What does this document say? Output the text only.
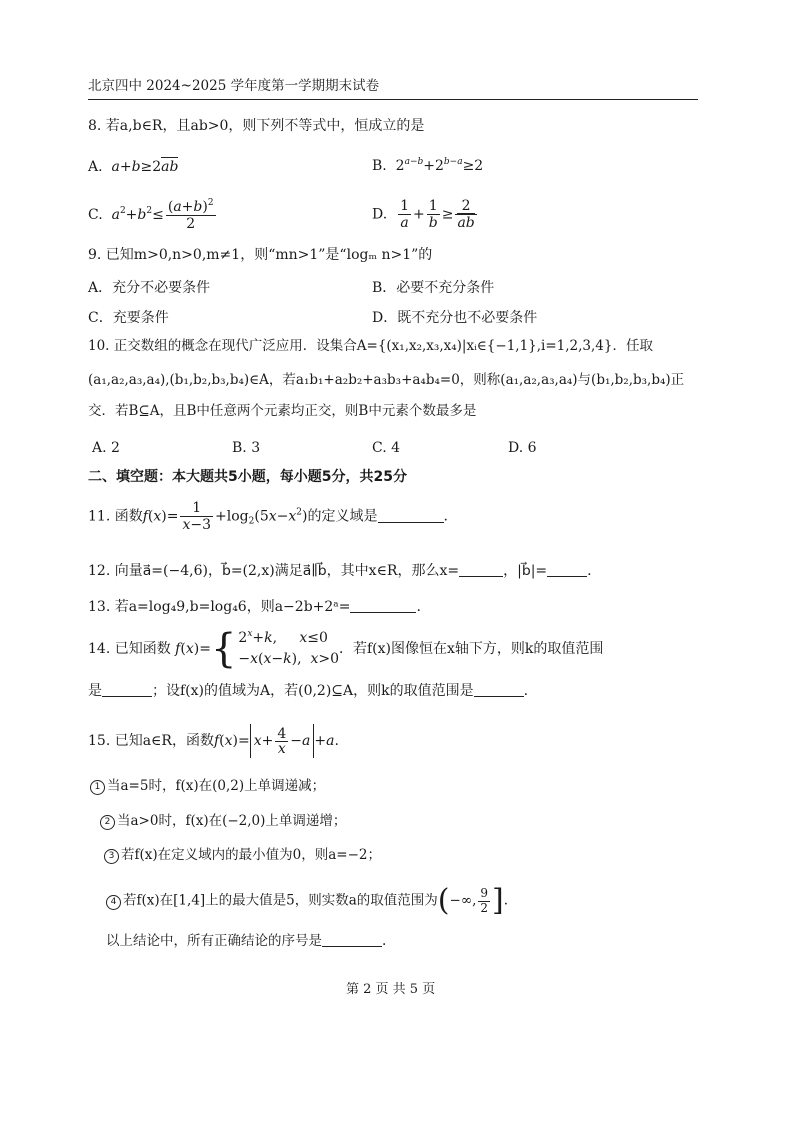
北京四中 2024~2025 学年度第一学期期末试卷
8. 若a,b∈R，且ab>0，则下列不等式中，恒成立的是
A. a+b≥2ab	B.  $2^{a-b}+2^{b-a}\ge 2$
C. $a^2+b^2\le \frac{(a+b)^2}{2}$	D. $\frac{1}{a} + \frac{1}{b} \ge \frac{2}{ab}$
9. 已知m>0,n>0,m≠1，则“mn>1”是“logₘ n>1”的
A．充分不必要条件	B．必要不充分条件
C．充要条件	D．既不充分也不必要条件
10. 正交数组的概念在现代广泛应用．设集合A={(x₁,x₂,x₃,x₄)|xᵢ∈{−1,1},i=1,2,3,4}．任取
(a₁,a₂,a₃,a₄),(b₁,b₂,b₃,b₄)∈A，若a₁b₁+a₂b₂+a₃b₃+a₄b₄=0，则称(a₁,a₂,a₃,a₄)与(b₁,b₂,b₃,b₄)正
交．若B⊆A，且B中任意两个元素均正交，则B中元素个数最多是
A. 2	B. 3	C. 4	D. 6
二、填空题：本大题共5小题，每小题5分，共25分
11. 函数$f(x)= \frac{1}{x-3} +\log_2(5x-x^2)$的定义域是	.
12. 向量a⃗=(−4,6)，b⃗=(2,x)满足a⃗∥b⃗，其中x∈R，那么x=	，|b⃗|=	.
13. 若a=log₄9,b=log₄6，则a−2b+2ᵃ=	.
14. 已知函数 f(x)={ $2^x+k$,     x≤0
−x(x−k),  x>0
．若f(x)图像恒在x轴下方，则k的取值范围
是	；设f(x)的值域为A，若(0,2)⊆A，则k的取值范围是	.
15. 已知a∈R，函数$f(x)= x+ \frac{4}{x} -a +a$.
1 当a=5时，f(x)在(0,2)上单调递减；
2 当a>0时，f(x)在(−2,0)上单调递增；
3 若f(x)在定义域内的最小值为0，则a=−2；
4 若f(x)在[1,4]上的最大值是5，则实数a的取值范围为(−∞, $\frac{9}{2}$ ].
以上结论中，所有正确结论的序号是	.
第 2 页 共 5 页
